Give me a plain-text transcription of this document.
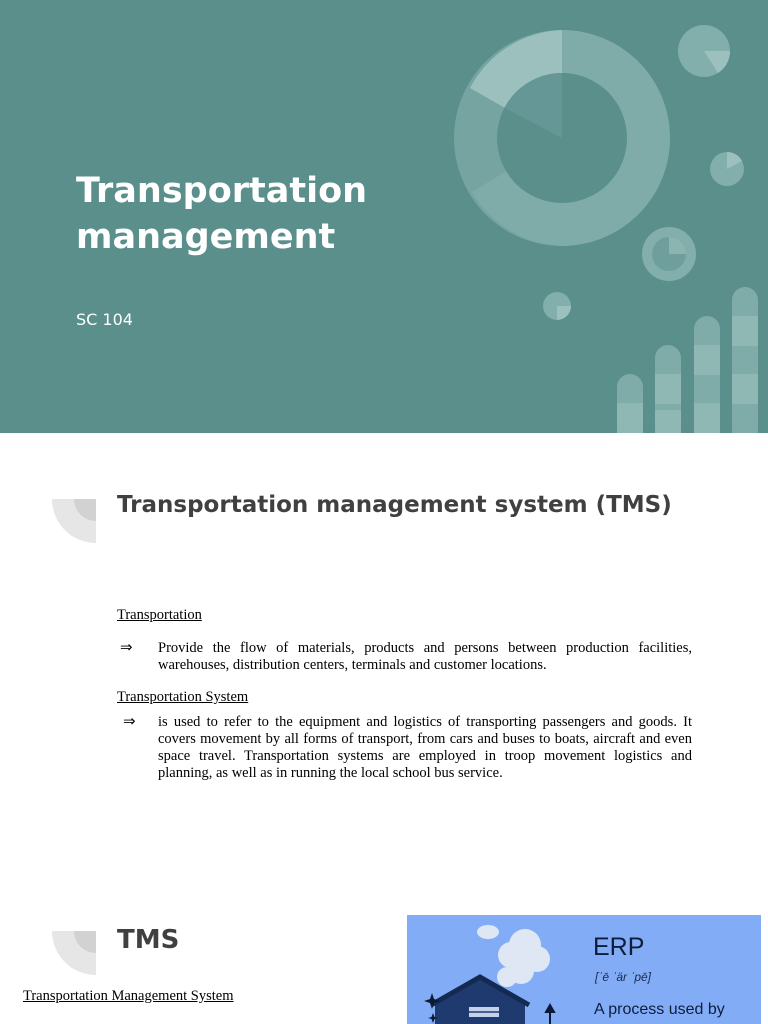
Transportation
management
SC 104
Transportation management system (TMS)
Transportation
⇒	Provide the flow of materials, products and persons between production facilities, warehouses, distribution centers, terminals and customer locations.
Transportation System
⇒	is used to refer to the equipment and logistics of transporting passengers and goods. It covers movement by all forms of transport, from cars and buses to boats, aircraft and even space travel. Transportation systems are employed in troop movement logistics and planning, as well as in running the local school bus service.
TMS
Transportation Management System
ERP
[ˈē ˈär ˈpē]
A process used by
